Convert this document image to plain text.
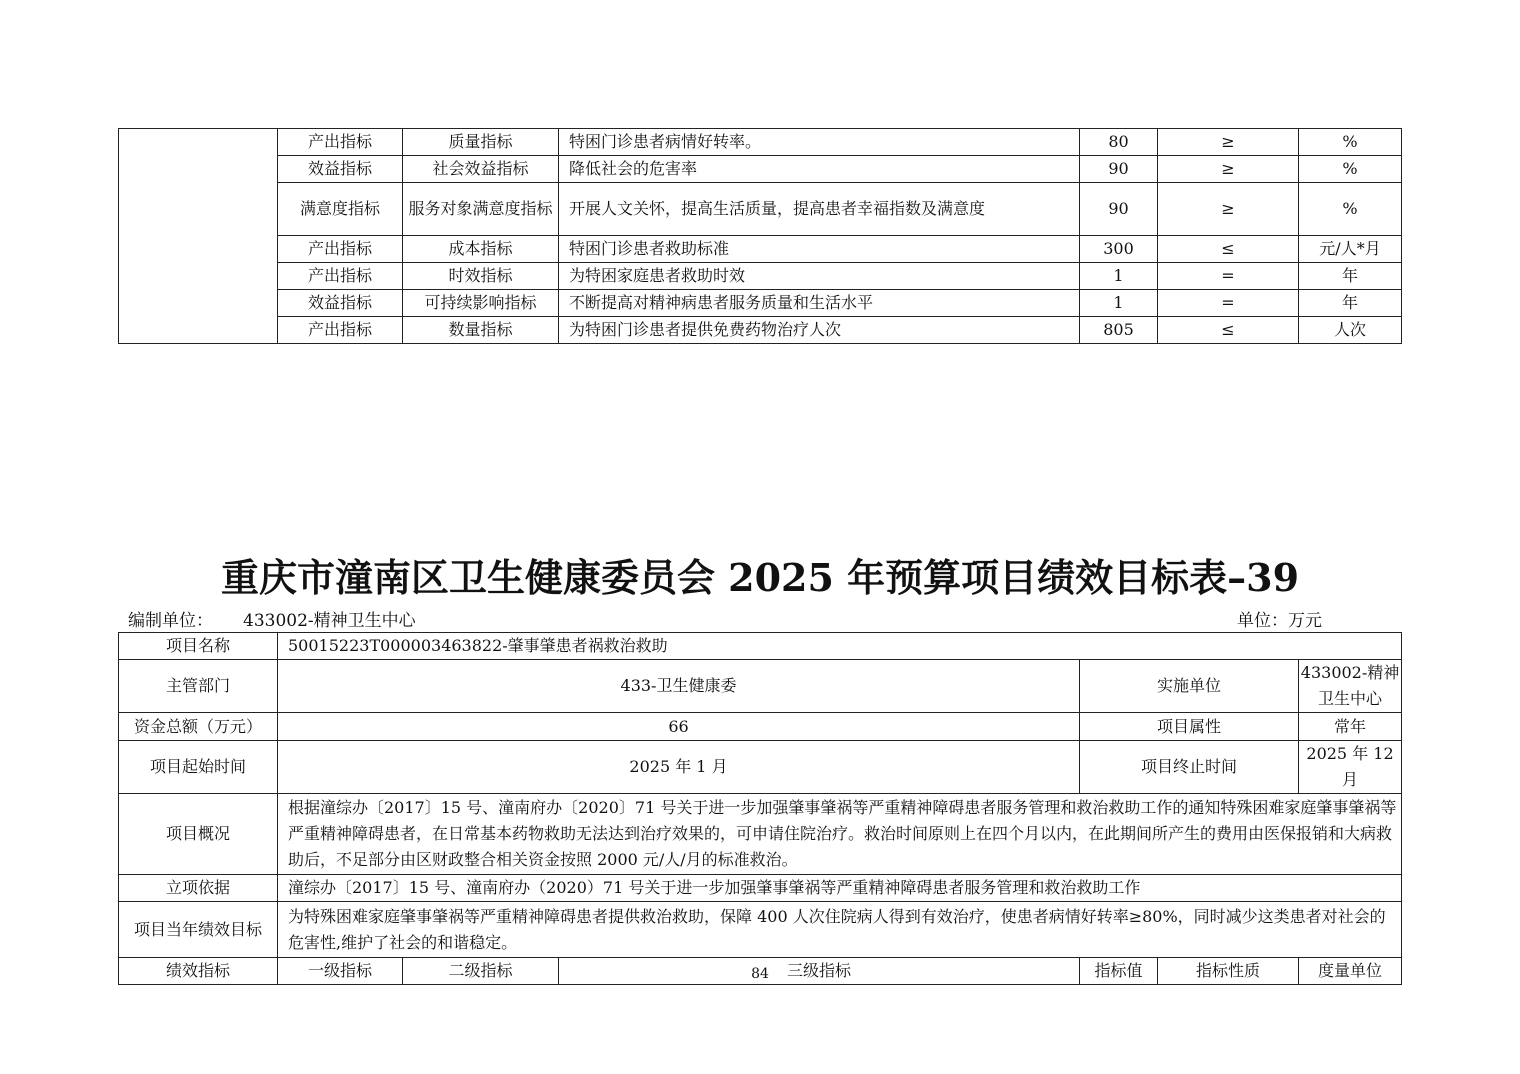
	产出指标	质量指标	特困门诊患者病情好转率。	80	≥	%
	效益指标	社会效益指标	降低社会的危害率	90	≥	%
	满意度指标	服务对象满意度指标	开展人文关怀，提高生活质量，提高患者幸福指数及满意度	90	≥	%
	产出指标	成本指标	特困门诊患者救助标准	300	≤	元/人*月
	产出指标	时效指标	为特困家庭患者救助时效	1	=	年
	效益指标	可持续影响指标	不断提高对精神病患者服务质量和生活水平	1	=	年
	产出指标	数量指标	为特困门诊患者提供免费药物治疗人次	805	≤	人次
重庆市潼南区卫生健康委员会 2025 年预算项目绩效目标表–39
编制单位： 433002-精神卫生中心	单位：万元
项目名称	50015223T000003463822-肇事肇患者祸救治救助					
主管部门	433-卫生健康委			实施单位		433002-精神卫生中心
资金总额（万元）	66			项目属性		常年
项目起始时间	2025 年 1 月			项目终止时间		2025 年 12 月
项目概况	根据潼综办〔2017〕15 号、潼南府办〔2020〕71 号关于进一步加强肇事肇祸等严重精神障碍患者服务管理和救治救助工作的通知特殊困难家庭肇事肇祸等严重精神障碍患者，在日常基本药物救助无法达到治疗效果的，可申请住院治疗。救治时间原则上在四个月以内，在此期间所产生的费用由医保报销和大病救助后，不足部分由区财政整合相关资金按照 2000 元/人/月的标准救治。					
立项依据	潼综办〔2017〕15 号、潼南府办（2020）71 号关于进一步加强肇事肇祸等严重精神障碍患者服务管理和救治救助工作					
项目当年绩效目标	为特殊困难家庭肇事肇祸等严重精神障碍患者提供救治救助，保障 400 人次住院病人得到有效治疗，使患者病情好转率≥80%，同时减少这类患者对社会的危害性,维护了社会的和谐稳定。					
绩效指标	一级指标	二级指标	三级指标	指标值	指标性质	度量单位
84
